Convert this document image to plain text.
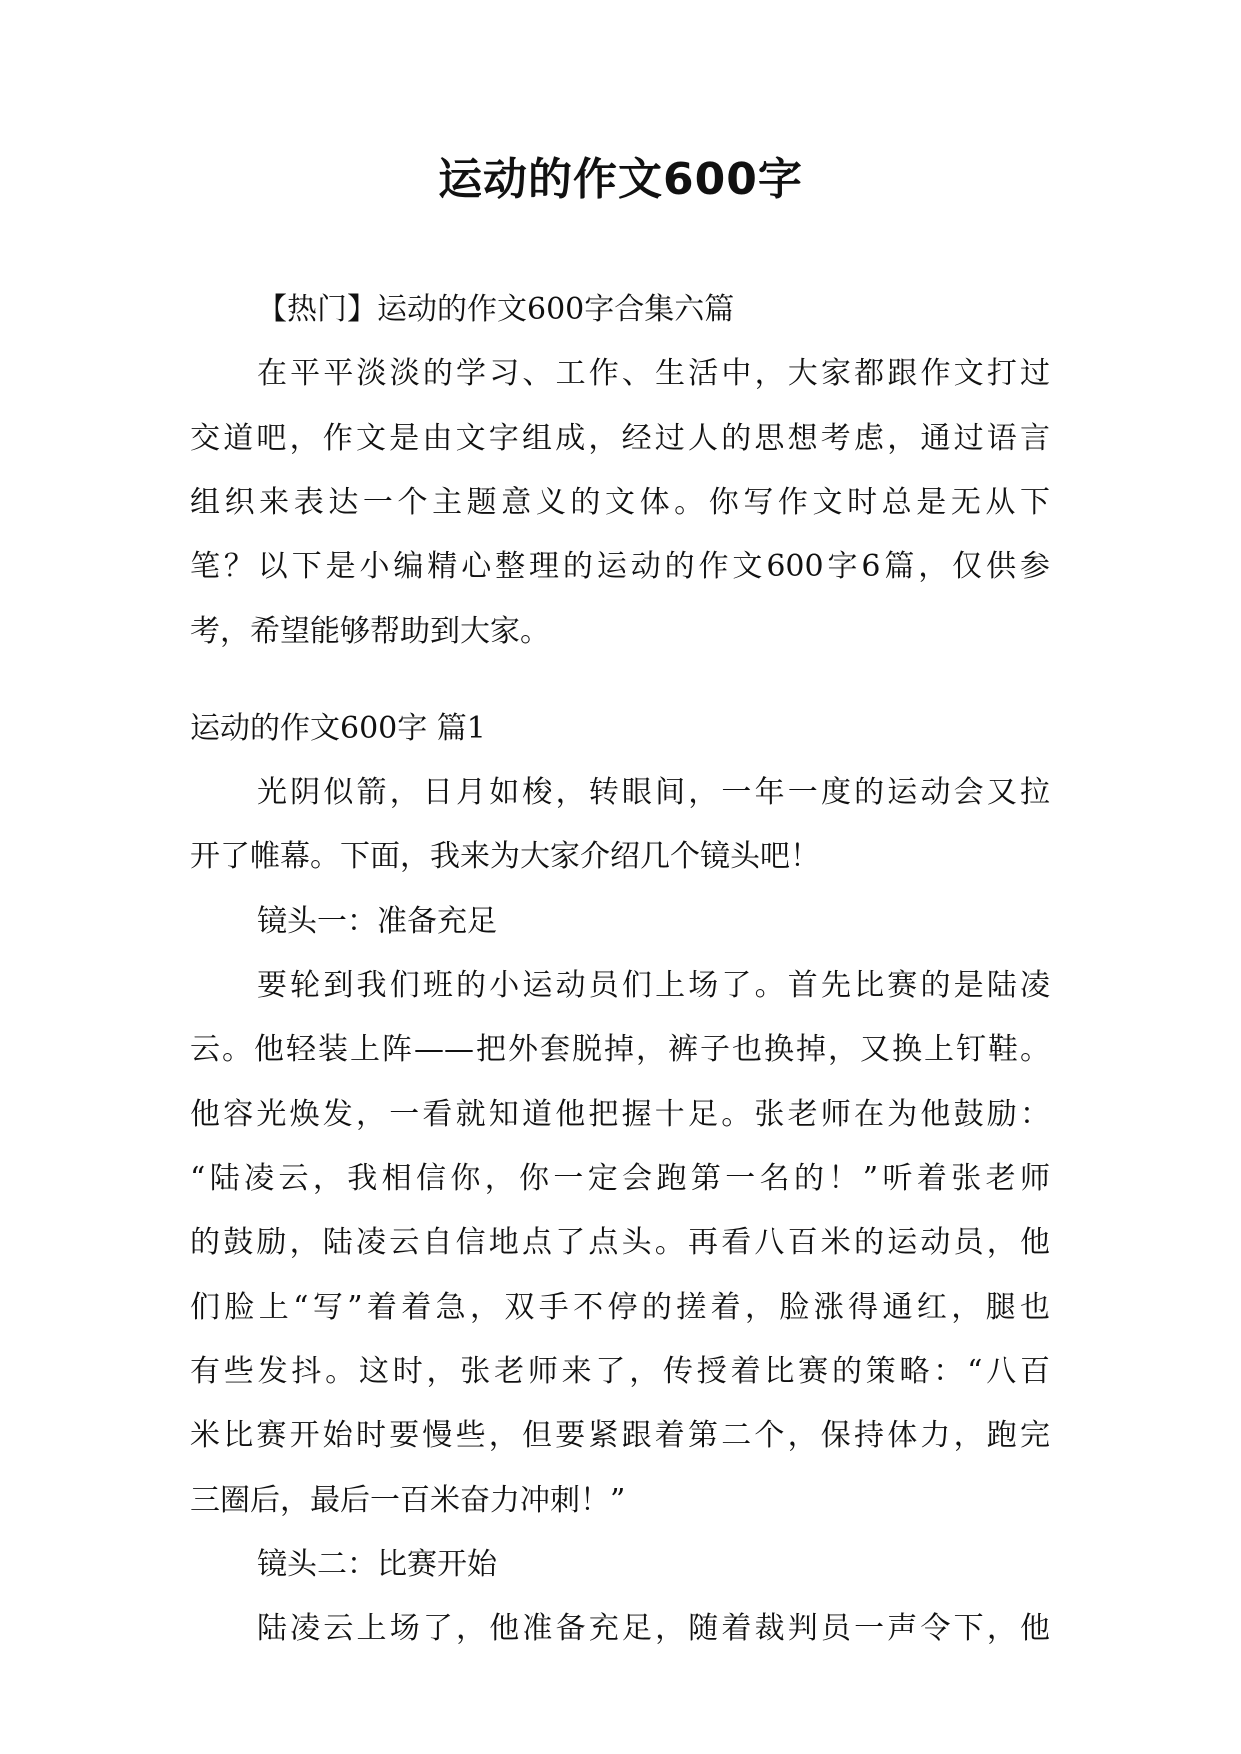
运动的作文600字
【热门】运动的作文600字合集六篇
在平平淡淡的学习、工作、生活中，大家都跟作文打过
交道吧，作文是由文字组成，经过人的思想考虑，通过语言
组织来表达一个主题意义的文体。你写作文时总是无从下
笔？以下是小编精心整理的运动的作文600字6篇，仅供参
考，希望能够帮助到大家。
运动的作文600字 篇1
光阴似箭，日月如梭，转眼间，一年一度的运动会又拉
开了帷幕。下面，我来为大家介绍几个镜头吧！
镜头一：准备充足
要轮到我们班的小运动员们上场了。首先比赛的是陆凌
云。他轻装上阵——把外套脱掉，裤子也换掉，又换上钉鞋。
他容光焕发，一看就知道他把握十足。张老师在为他鼓励：
“陆凌云，我相信你，你一定会跑第一名的！”听着张老师
的鼓励，陆凌云自信地点了点头。再看八百米的运动员，他
们脸上“写”着着急，双手不停的搓着，脸涨得通红，腿也
有些发抖。这时，张老师来了，传授着比赛的策略：“八百
米比赛开始时要慢些，但要紧跟着第二个，保持体力，跑完
三圈后，最后一百米奋力冲刺！”
镜头二：比赛开始
陆凌云上场了，他准备充足，随着裁判员一声令下，他
